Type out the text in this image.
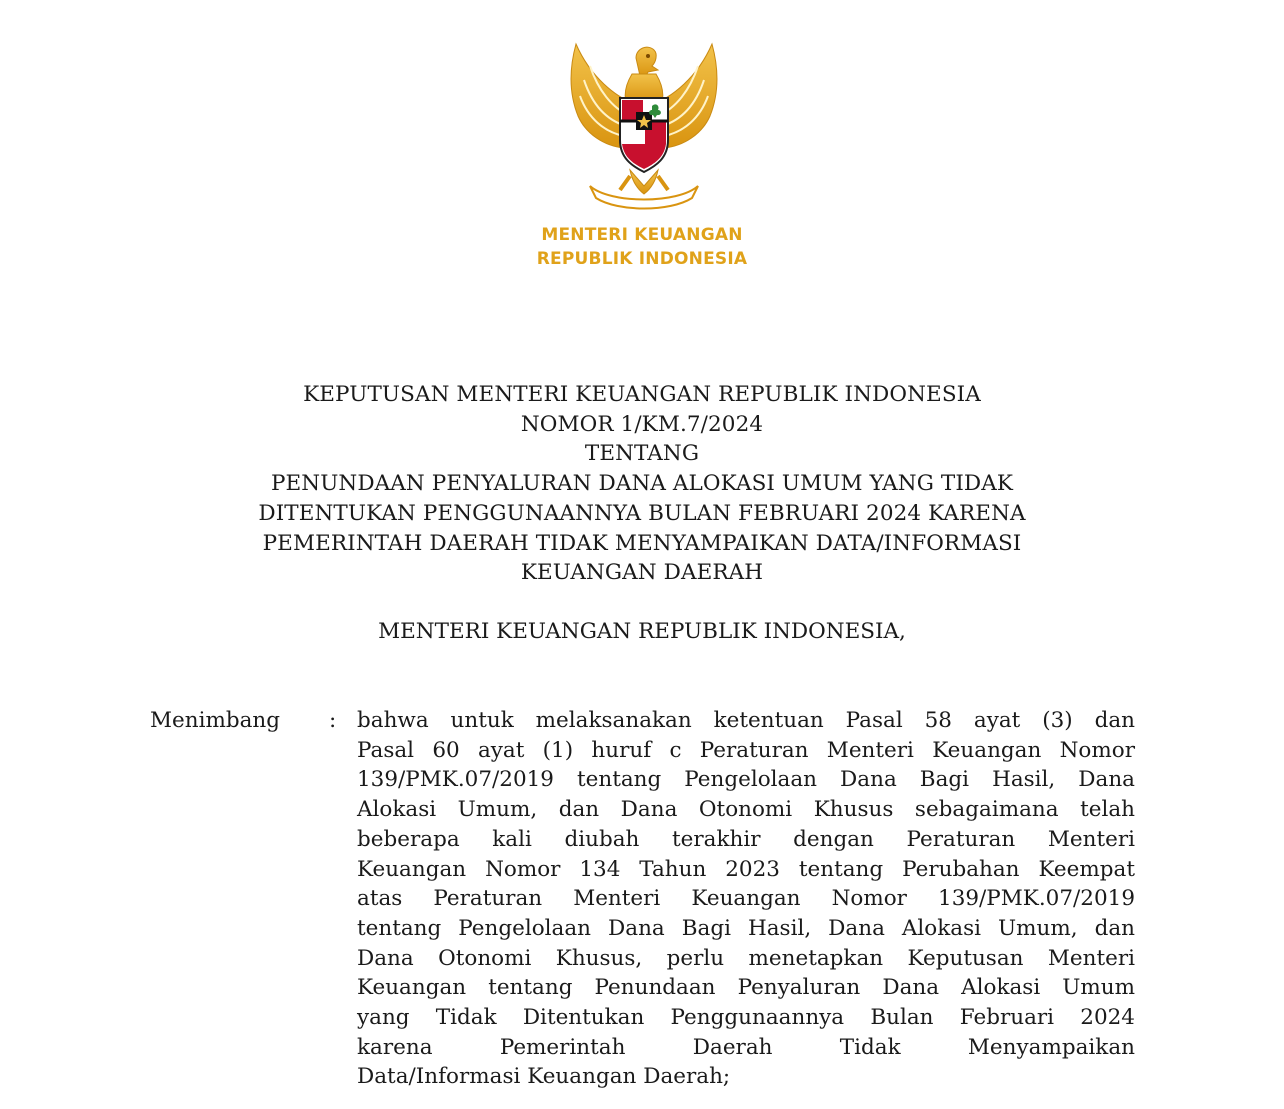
MENTERI KEUANGAN
REPUBLIK INDONESIA
KEPUTUSAN MENTERI KEUANGAN REPUBLIK INDONESIA
NOMOR 1/KM.7/2024
TENTANG
PENUNDAAN PENYALURAN DANA ALOKASI UMUM YANG TIDAK
DITENTUKAN PENGGUNAANNYA BULAN FEBRUARI 2024 KARENA
PEMERINTAH DAERAH TIDAK MENYAMPAIKAN DATA/INFORMASI
KEUANGAN DAERAH
MENTERI KEUANGAN REPUBLIK INDONESIA,
Menimbang : bahwa untuk melaksanakan ketentuan Pasal 58 ayat (3) dan
Pasal 60 ayat (1) huruf c Peraturan Menteri Keuangan Nomor
139/PMK.07/2019 tentang Pengelolaan Dana Bagi Hasil, Dana
Alokasi Umum, dan Dana Otonomi Khusus sebagaimana telah
beberapa kali diubah terakhir dengan Peraturan Menteri
Keuangan Nomor 134 Tahun 2023 tentang Perubahan Keempat
atas Peraturan Menteri Keuangan Nomor 139/PMK.07/2019
tentang Pengelolaan Dana Bagi Hasil, Dana Alokasi Umum, dan
Dana Otonomi Khusus, perlu menetapkan Keputusan Menteri
Keuangan tentang Penundaan Penyaluran Dana Alokasi Umum
yang Tidak Ditentukan Penggunaannya Bulan Februari 2024
karena Pemerintah Daerah Tidak Menyampaikan
Data/Informasi Keuangan Daerah;
